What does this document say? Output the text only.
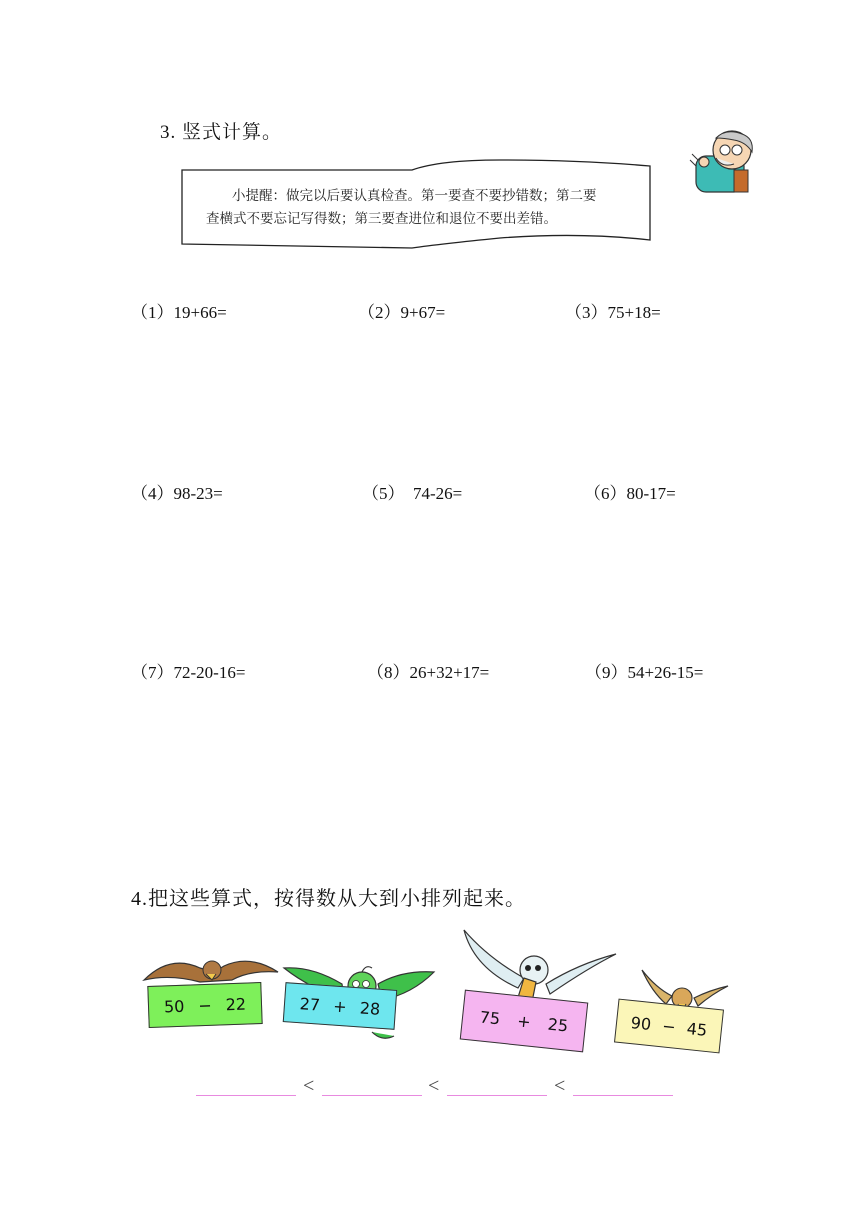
3. 竖式计算。
小提醒：做完以后要认真检查。第一要查不要抄错数；第二要
查横式不要忘记写得数；第三要查进位和退位不要出差错。
（1）19+66=	（2）9+67=	（3）75+18=
（4）98-23=	（5）  74-26=	（6）80-17=
（7）72-20-16=	（8）26+32+17=	（9）54+26-15=
4.把这些算式，按得数从大到小排列起来。
50 − 22	27 + 28	75 + 25	90 − 45
<	<	<
